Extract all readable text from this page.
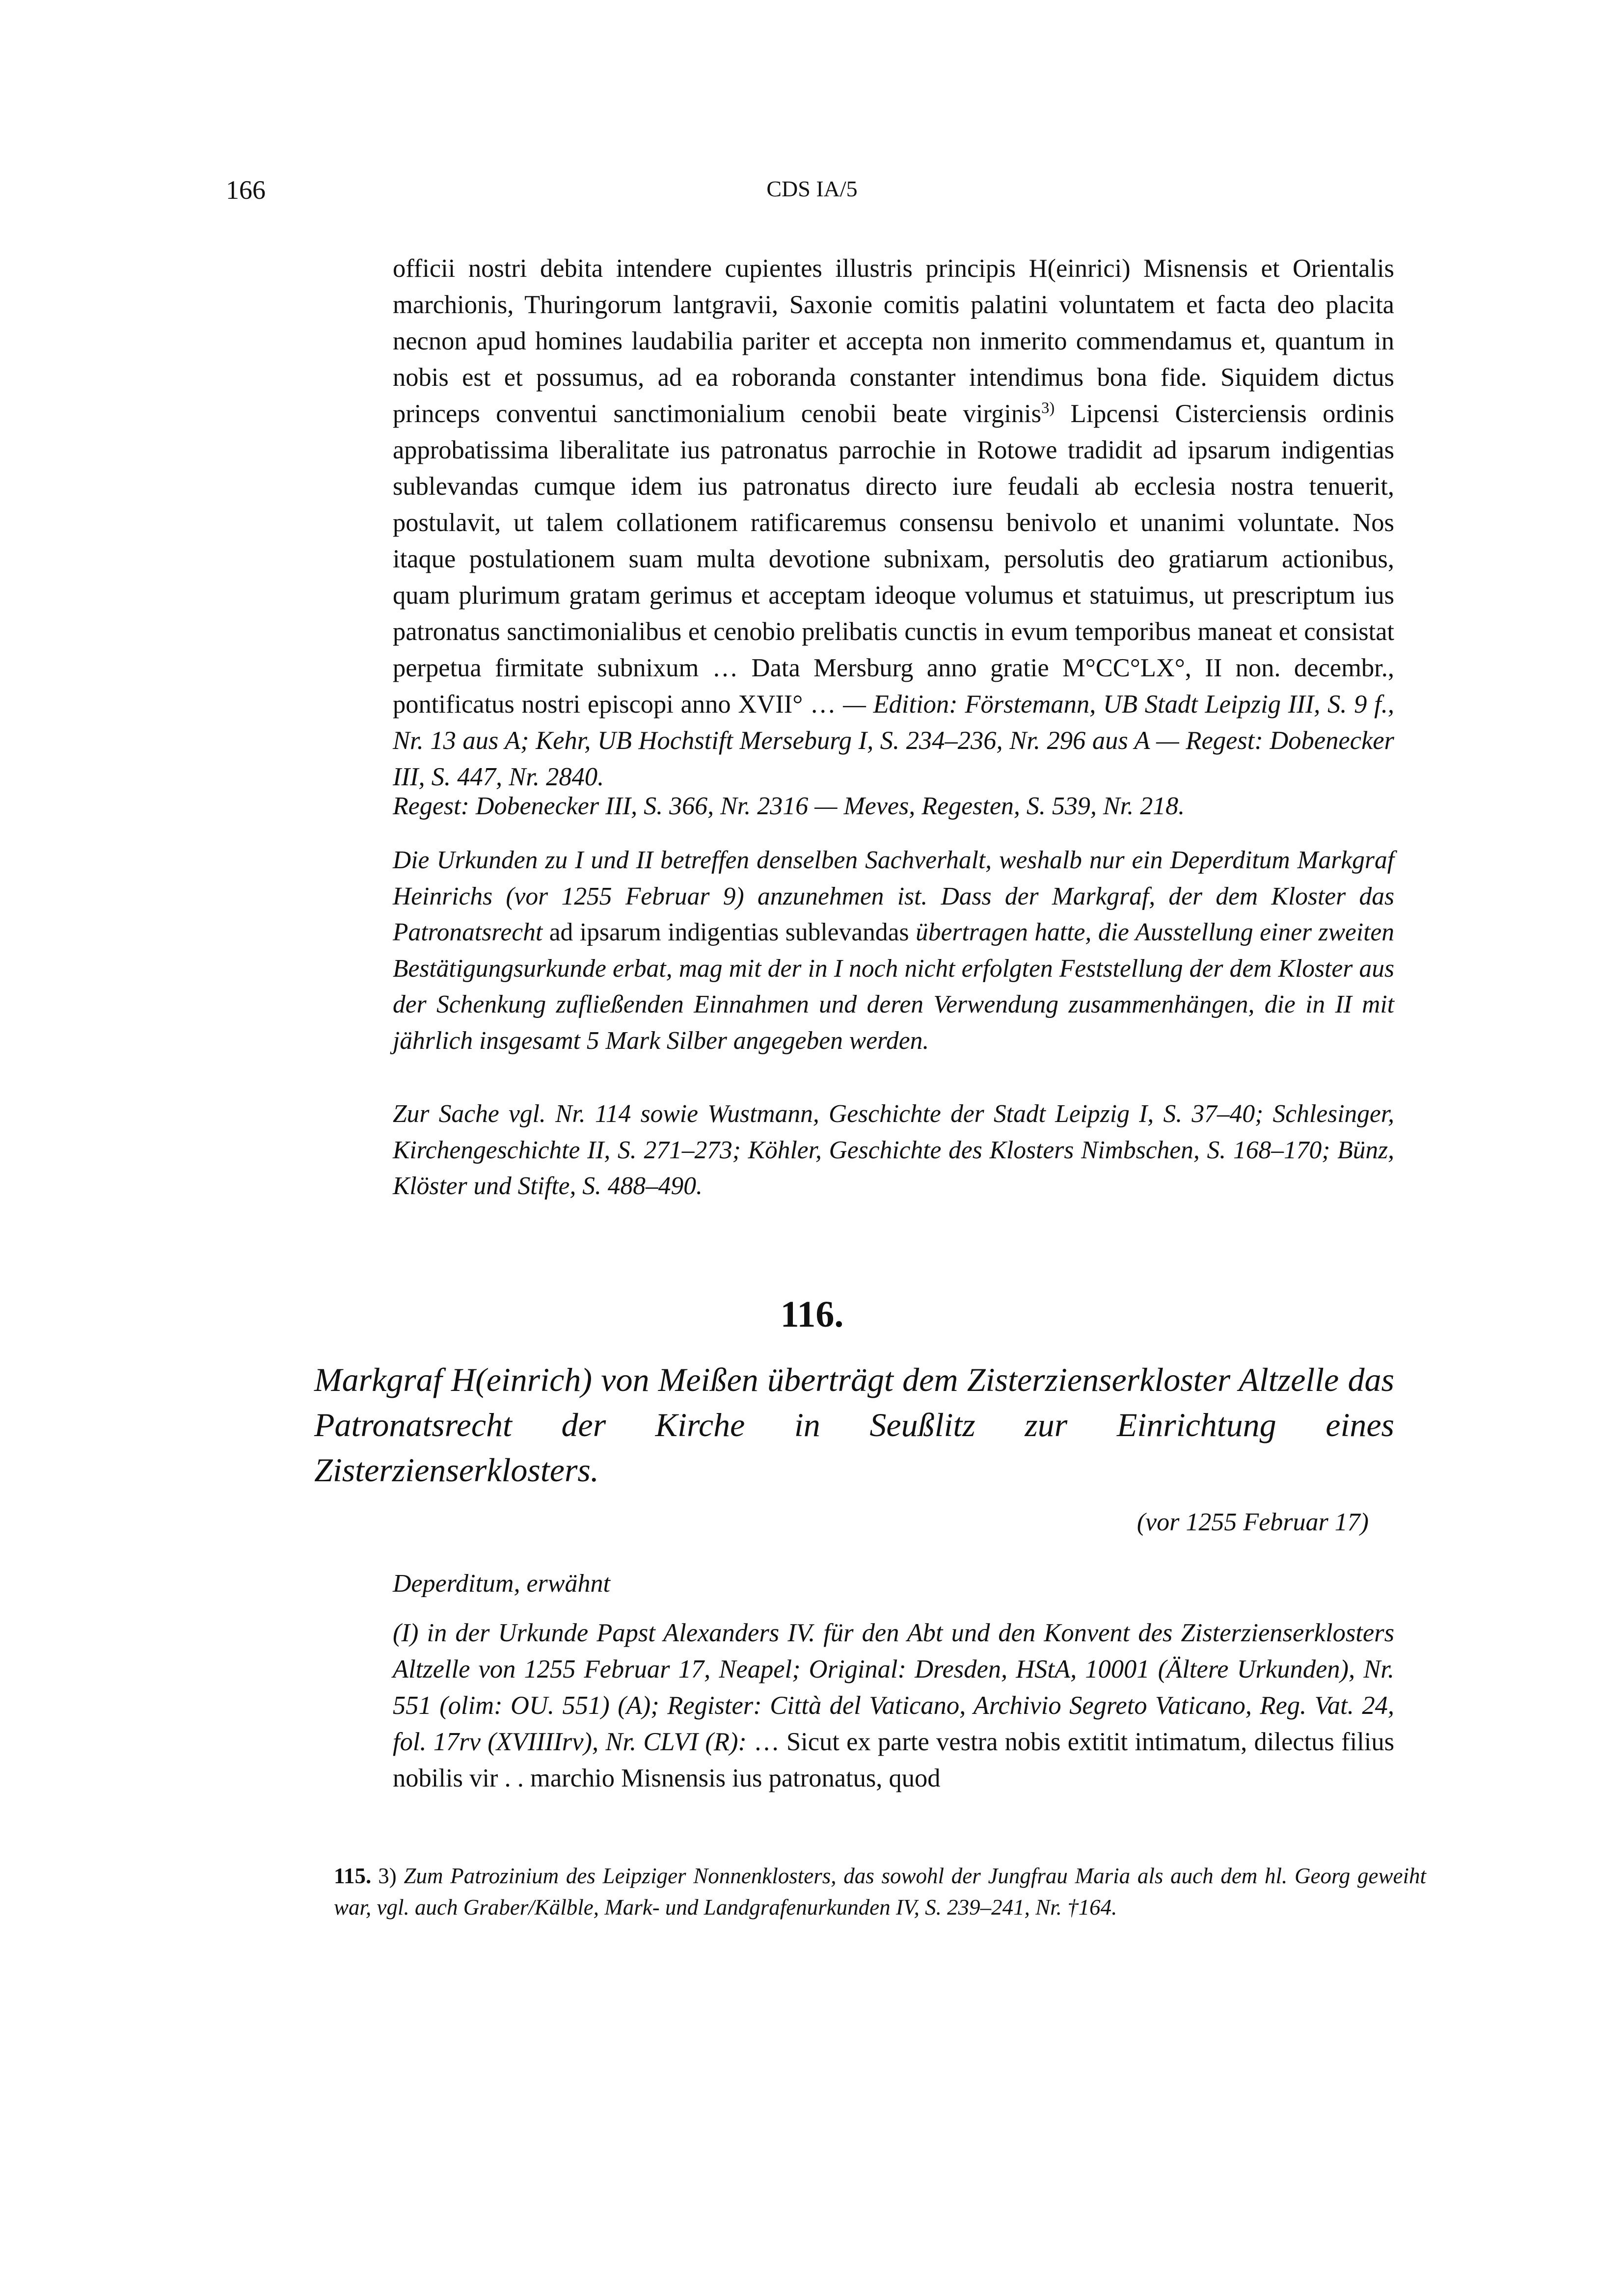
166	CDS IA/5

officii nostri debita intendere cupientes illustris principis H(einrici) Misnensis et Orientalis marchionis, Thuringorum lantgravii, Saxonie comitis palatini voluntatem et facta deo placita necnon apud homines laudabilia pariter et accepta non inmerito commendamus et, quantum in nobis est et possumus, ad ea roboranda constanter intendimus bona fide. Siquidem dictus princeps conventui sanctimonialium cenobii beate virginis$^{3)}$ Lipcensi Cisterciensis ordinis approbatissima liberalitate ius patronatus parrochie in Rotowe tradidit ad ipsarum indigentias sublevandas cumque idem ius patronatus directo iure feudali ab ecclesia nostra tenuerit, postulavit, ut talem collationem ratificaremus consensu benivolo et unanimi voluntate. Nos itaque postulationem suam multa devotione subnixam, persolutis deo gratiarum actionibus, quam plurimum gratam gerimus et acceptam ideoque volumus et statuimus, ut prescriptum ius patronatus sanctimonialibus et cenobio prelibatis cunctis in evum temporibus maneat et consistat perpetua firmitate subnixum … Data Mersburg anno gratie M°CC°LX°, II non. decembr., pontificatus nostri episcopi anno XVII° … — Edition: Förstemann, UB Stadt Leipzig III, S. 9 f., Nr. 13 aus A; Kehr, UB Hochstift Merseburg I, S. 234–236, Nr. 296 aus A — Regest: Dobenecker III, S. 447, Nr. 2840.

Regest: Dobenecker III, S. 366, Nr. 2316 — Meves, Regesten, S. 539, Nr. 218.

Die Urkunden zu I und II betreffen denselben Sachverhalt, weshalb nur ein Deperditum Markgraf Heinrichs (vor 1255 Februar 9) anzunehmen ist. Dass der Markgraf, der dem Kloster das Patronatsrecht ad ipsarum indigentias sublevandas übertragen hatte, die Ausstellung einer zweiten Bestätigungsurkunde erbat, mag mit der in I noch nicht erfolgten Feststellung der dem Kloster aus der Schenkung zufließenden Einnahmen und deren Verwendung zusammenhängen, die in II mit jährlich insgesamt 5 Mark Silber angegeben werden.

Zur Sache vgl. Nr. 114 sowie Wustmann, Geschichte der Stadt Leipzig I, S. 37–40; Schlesinger, Kirchengeschichte II, S. 271–273; Köhler, Geschichte des Klosters Nimbschen, S. 168–170; Bünz, Klöster und Stifte, S. 488–490.

116.

Markgraf H(einrich) von Meißen überträgt dem Zisterzienserkloster Altzelle das Patronatsrecht der Kirche in Seußlitz zur Einrichtung eines Zisterzienserklosters.

(vor 1255 Februar 17)

Deperditum, erwähnt

(I) in der Urkunde Papst Alexanders IV. für den Abt und den Konvent des Zisterzienserklosters Altzelle von 1255 Februar 17, Neapel; Original: Dresden, HStA, 10001 (Ältere Urkunden), Nr. 551 (olim: OU. 551) (A); Register: Città del Vaticano, Archivio Segreto Vaticano, Reg. Vat. 24, fol. 17rv (XVIIIIrv), Nr. CLVI (R): … Sicut ex parte vestra nobis extitit intimatum, dilectus filius nobilis vir . . marchio Misnensis ius patronatus, quod

115. 3) Zum Patrozinium des Leipziger Nonnenklosters, das sowohl der Jungfrau Maria als auch dem hl. Georg geweiht war, vgl. auch Graber/Kälble, Mark- und Landgrafenurkunden IV, S. 239–241, Nr. †164.
